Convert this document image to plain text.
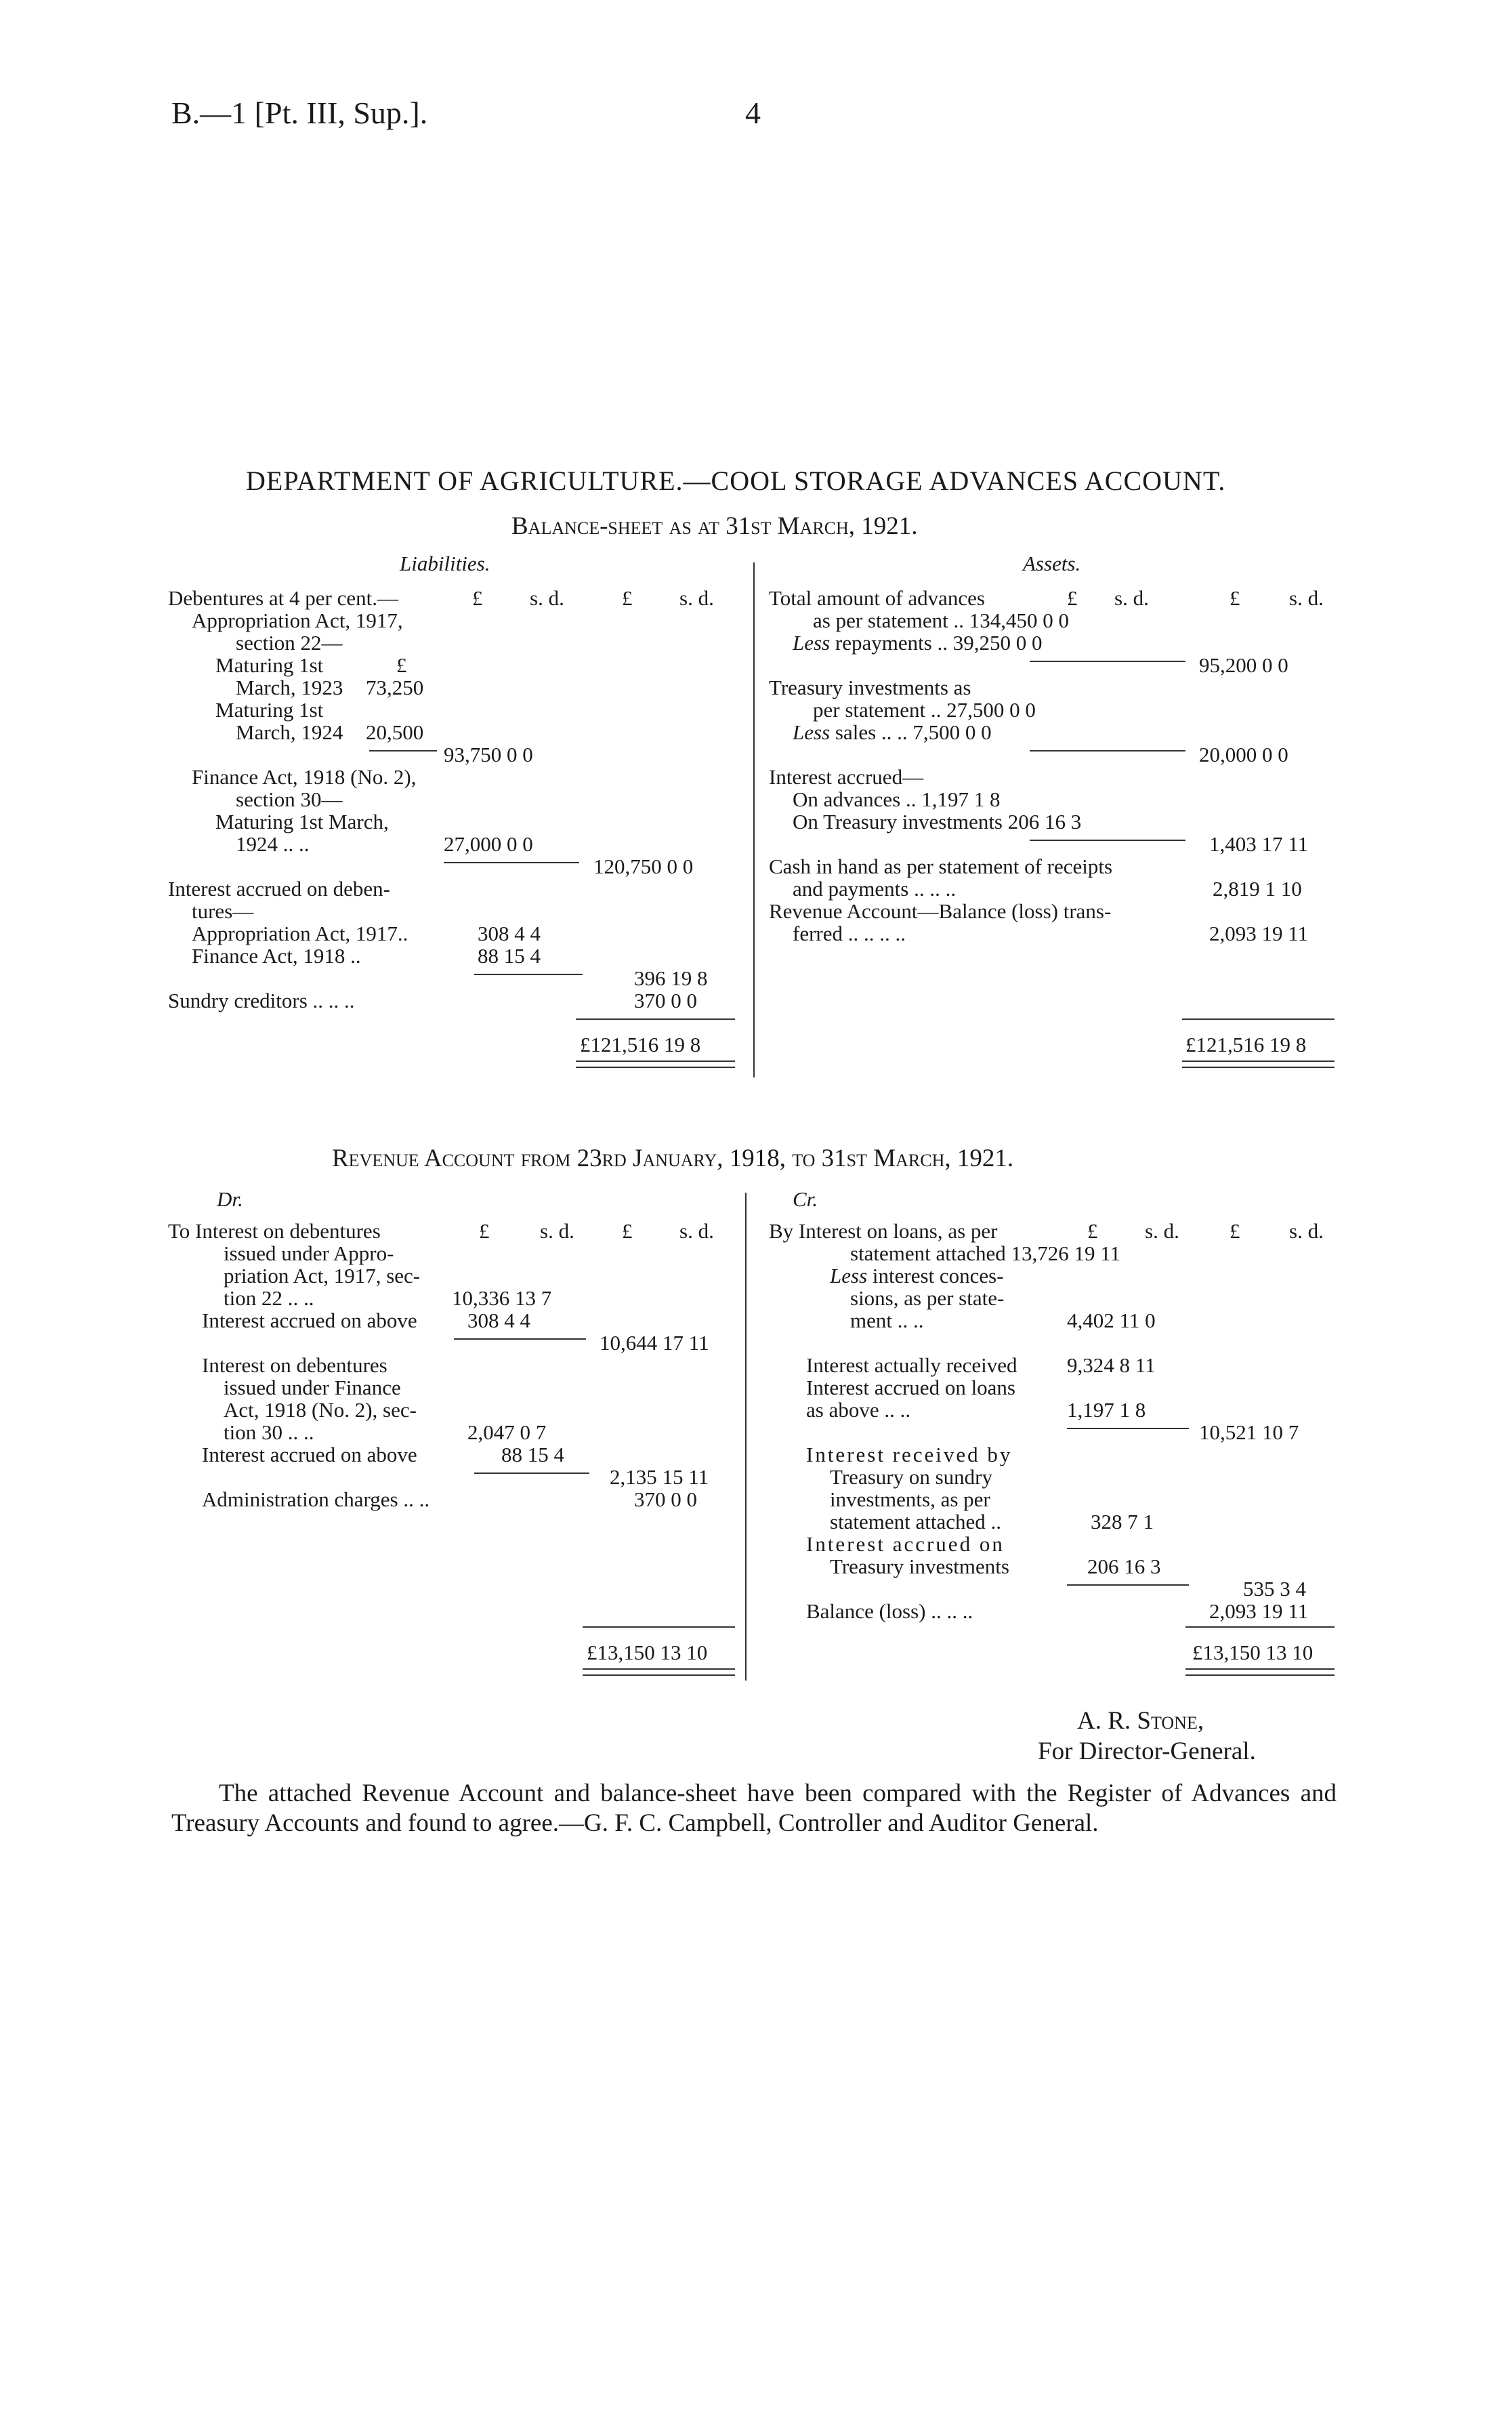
B.—1 [Pt. III, Sup.].	4
DEPARTMENT OF AGRICULTURE.—COOL STORAGE ADVANCES ACCOUNT.
Balance-sheet as at 31st March, 1921.
Liabilities.
£ s. d.	£ s. d.
Debentures at 4 per cent.—
Appropriation Act, 1917,
section 22—
Maturing 1st	£
March, 1923 73,250
Maturing 1st
March, 1924 20,500
93,750 0 0
Finance Act, 1918 (No. 2),
section 30—
Maturing 1st March,
1924 .. ..	27,000 0 0
120,750 0 0
Interest accrued on deben-
tures—
Appropriation Act, 1917..	308 4 4
Finance Act, 1918 ..	88 15 4
396 19 8
Sundry creditors .. .. ..	370 0 0
£121,516 19 8
Assets.
£ s. d.	£ s. d.
Total amount of advances
as per statement .. 134,450 0 0
Less repayments .. 39,250 0 0
95,200 0 0
Treasury investments as
per statement .. 27,500 0 0
Less sales .. .. 7,500 0 0
20,000 0 0
Interest accrued—
On advances .. 1,197 1 8
On Treasury investments 206 16 3
1,403 17 11
Cash in hand as per statement of receipts
and payments .. .. ..	2,819 1 10
Revenue Account—Balance (loss) trans-
ferred .. .. .. ..	2,093 19 11
£121,516 19 8
Revenue Account from 23rd January, 1918, to 31st March, 1921.
Dr.	Cr.
£ s. d. £ s. d.	£ s. d. £ s. d.
To Interest on debentures
issued under Appro-
priation Act, 1917, sec-
tion 22 .. ..	10,336 13 7
Interest accrued on above 308 4 4
10,644 17 11
Interest on debentures
issued under Finance
Act, 1918 (No. 2), sec-
tion 30 .. ..	2,047 0 7
Interest accrued on above	88 15 4
2,135 15 11
Administration charges .. ..	370 0 0
£13,150 13 10
By Interest on loans, as per
statement attached 13,726 19 11
Less interest conces-
sions, as per state-
ment .. ..	4,402 11 0
Interest actually received 9,324 8 11
Interest accrued on loans
as above .. ..	1,197 1 8
10,521 10 7
Interest received by
Treasury on sundry
investments, as per
statement attached ..	328 7 1
Interest accrued on
Treasury investments	206 16 3
535 3 4
Balance (loss) .. .. ..	2,093 19 11
£13,150 13 10
A. R. Stone,
For Director-General.
The attached Revenue Account and balance-sheet have been compared with the Register of Advances and Treasury Accounts and found to agree.—G. F. C. Campbell, Controller and Auditor General.
